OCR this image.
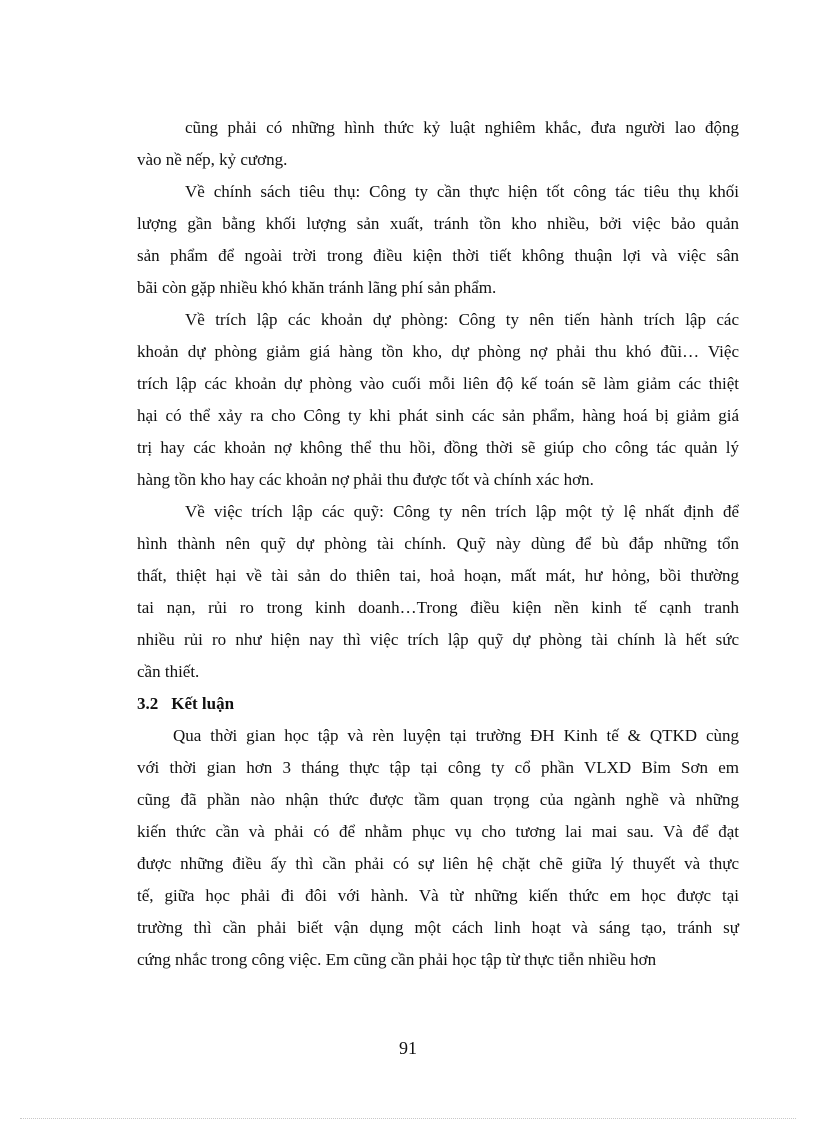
cũng phải có những hình thức kỷ luật nghiêm khắc, đưa người lao động
vào nề nếp, kỷ cương.
Về chính sách tiêu thụ: Công ty cần thực hiện tốt công tác tiêu thụ khối
lượng gần bằng khối lượng sản xuất, tránh tồn kho nhiều, bởi việc bảo quản
sản phẩm để ngoài trời trong điều kiện thời tiết không thuận lợi và việc sân
bãi còn gặp nhiều khó khăn tránh lãng phí sản phẩm.
Về trích lập các khoản dự phòng: Công ty nên tiến hành trích lập các
khoản dự phòng giảm giá hàng tồn kho, dự phòng nợ phải thu khó đũi… Việc
trích lập các khoản dự phòng vào cuối mỗi liên độ kế toán sẽ làm giảm các thiệt
hại có thể xảy ra cho Công ty khi phát sinh các sản phẩm, hàng hoá bị giảm giá
trị hay các khoản nợ không thể thu hồi, đồng thời sẽ giúp cho công tác quản lý
hàng tồn kho hay các khoản nợ phải thu được tốt và chính xác hơn.
Về việc trích lập các quỹ: Công ty nên trích lập một tỷ lệ nhất định để
hình thành nên quỹ dự phòng tài chính. Quỹ này dùng để bù đắp những tổn
thất, thiệt hại về tài sản do thiên tai, hoả hoạn, mất mát, hư hỏng, bồi thường
tai nạn, rủi ro trong kinh doanh…Trong điều kiện nền kinh tế cạnh tranh
nhiều rủi ro như hiện nay thì việc trích lập quỹ dự phòng tài chính là hết sức
cần thiết.
3.2 Kết luận
Qua thời gian học tập và rèn luyện tại trường ĐH Kinh tế & QTKD cùng
với thời gian hơn 3 tháng thực tập tại công ty cổ phần VLXD Bỉm Sơn em
cũng đã phần nào nhận thức được tầm quan trọng của ngành nghề và những
kiến thức cần và phải có để nhằm phục vụ cho tương lai mai sau. Và để đạt
được những điều ấy thì cần phải có sự liên hệ chặt chẽ giữa lý thuyết và thực
tế, giữa học phải đi đôi với hành. Và từ những kiến thức em học được tại
trường thì cần phải biết vận dụng một cách linh hoạt và sáng tạo, tránh sự
cứng nhắc trong công việc. Em cũng cần phải học tập từ thực tiễn nhiều hơn
91
